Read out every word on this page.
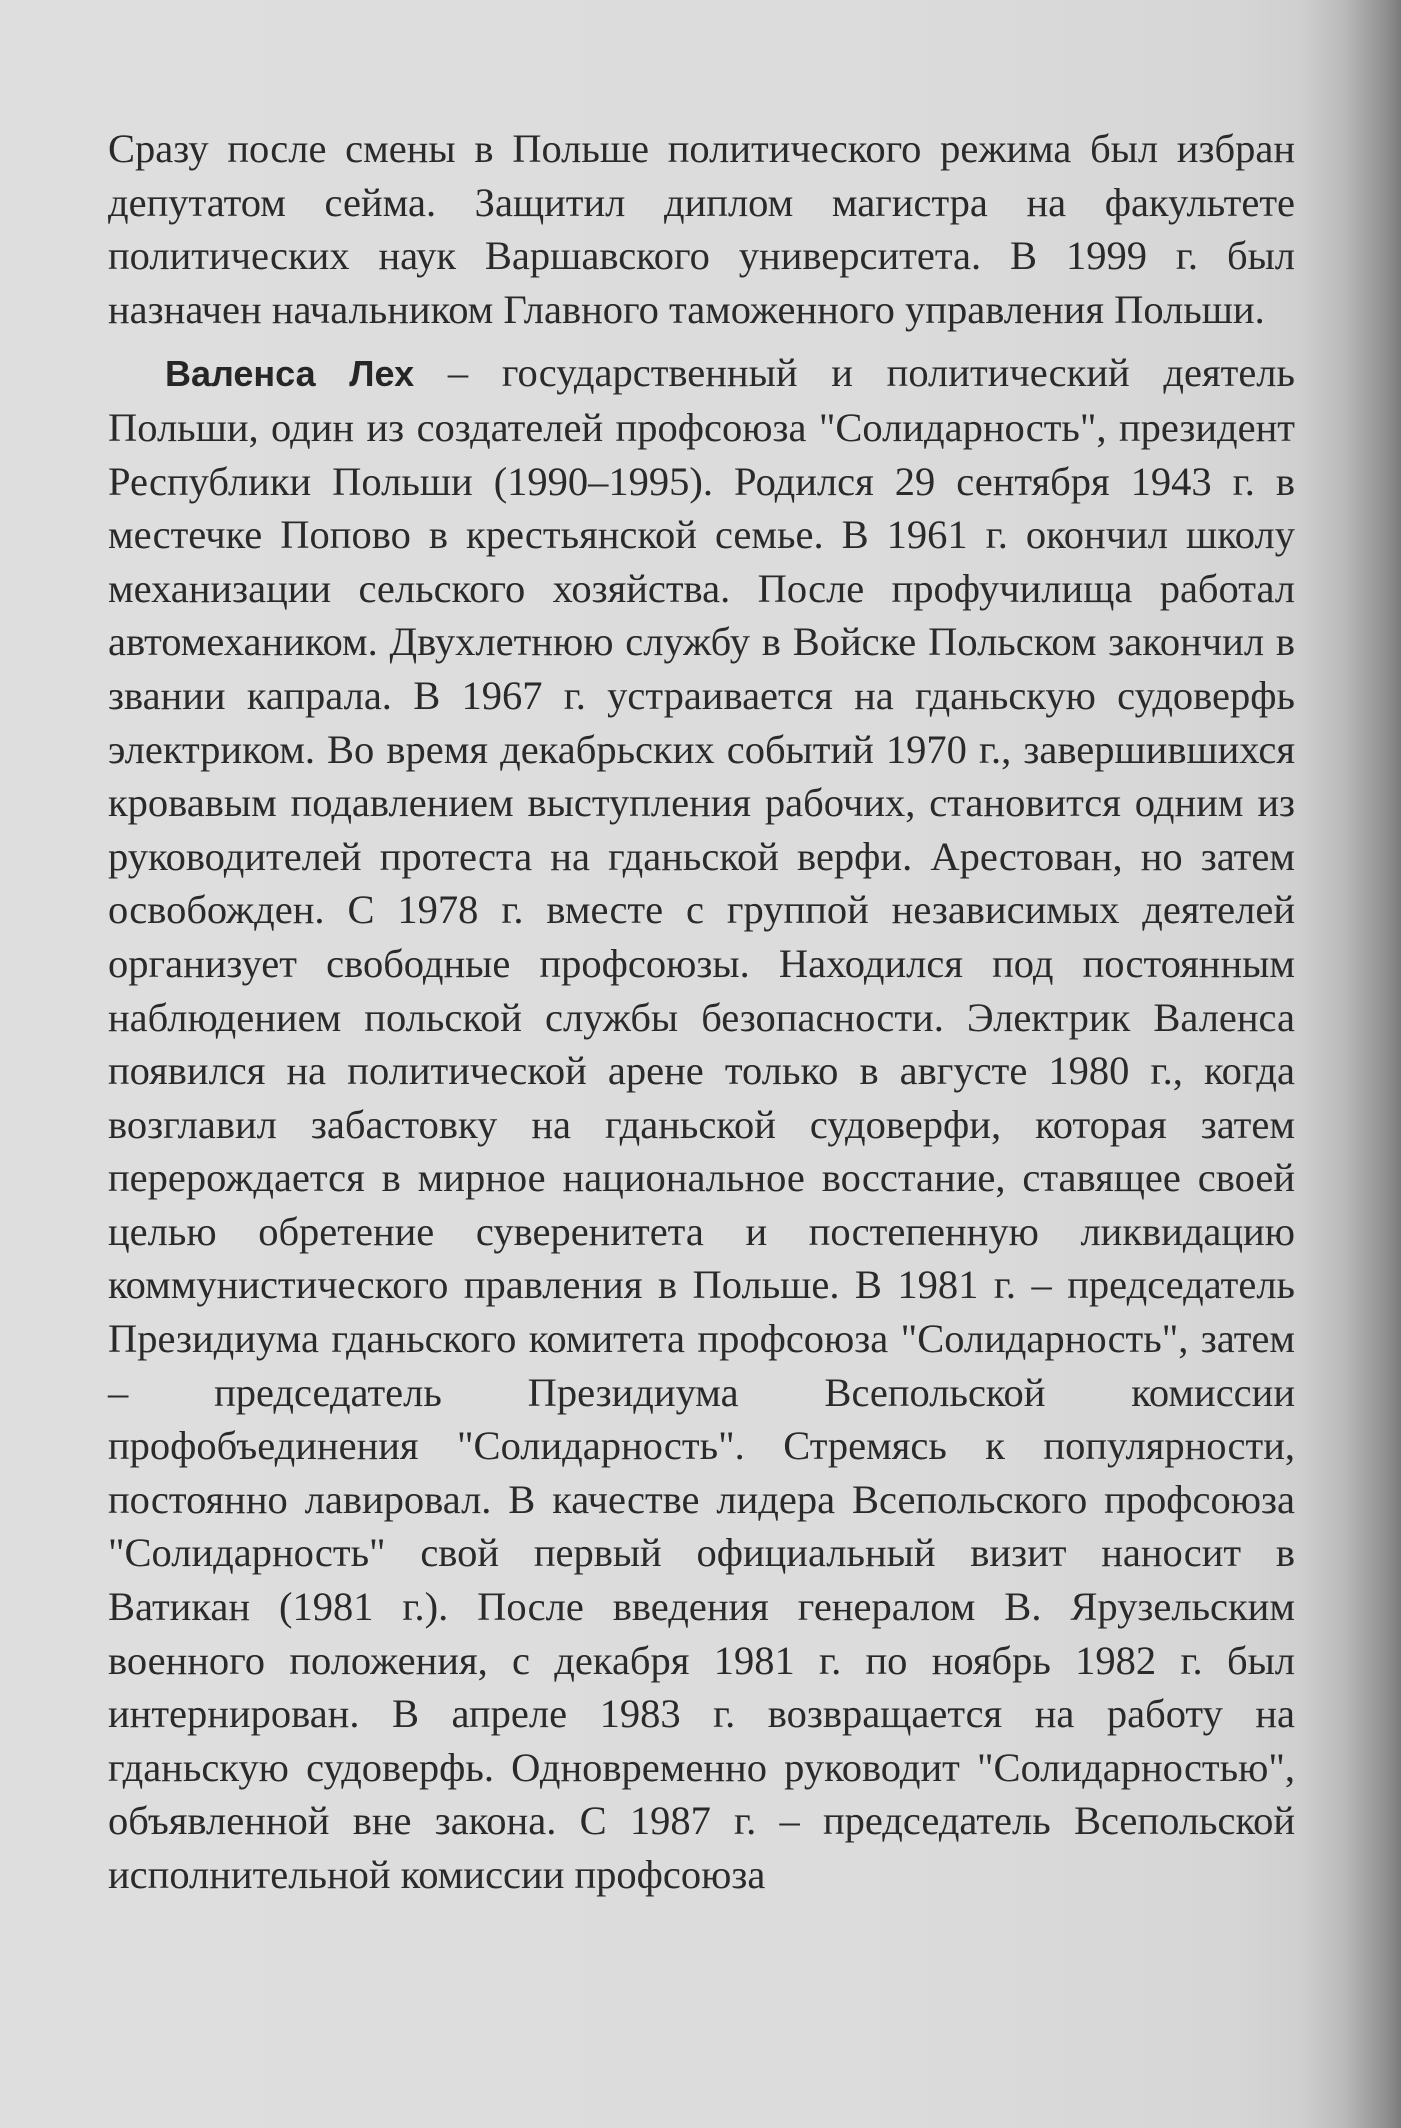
Сразу после смены в Польше политического режима был избран депутатом сейма. Защитил диплом магистра на факультете политических наук Варшавского университета. В 1999 г. был назначен начальником Главного таможенного управления Польши.

Валенса Лех – государственный и политический деятель Польши, один из создателей профсоюза "Солидарность", президент Республики Польши (1990–1995). Родился 29 сентября 1943 г. в местечке Попово в крестьянской семье. В 1961 г. окончил школу механизации сельского хозяйства. После профучилища работал автомехаником. Двухлетнюю службу в Войске Польском закончил в звании капрала. В 1967 г. устраивается на гданьскую судоверфь электриком. Во время декабрьских событий 1970 г., завершившихся кровавым подавлением выступления рабочих, становится одним из руководителей протеста на гданьской верфи. Арестован, но затем освобожден. С 1978 г. вместе с группой независимых деятелей организует свободные профсоюзы. Находился под постоянным наблюдением польской службы безопасности. Электрик Валенса появился на политической арене только в августе 1980 г., когда возглавил забастовку на гданьской судоверфи, которая затем перерождается в мирное национальное восстание, ставящее своей целью обретение суверенитета и постепенную ликвидацию коммунистического правления в Польше. В 1981 г. – председатель Президиума гданьского комитета профсоюза "Солидарность", затем – председатель Президиума Всепольской комиссии профобъединения "Солидарность". Стремясь к популярности, постоянно лавировал. В качестве лидера Всепольского профсоюза "Солидарность" свой первый официальный визит наносит в Ватикан (1981 г.). После введения генералом В. Ярузельским военного положения, с декабря 1981 г. по ноябрь 1982 г. был интернирован. В апреле 1983 г. возвращается на работу на гданьскую судоверфь. Одновременно руководит "Солидарностью", объявленной вне закона. С 1987 г. – председатель Всепольской исполнительной комиссии профсоюза
